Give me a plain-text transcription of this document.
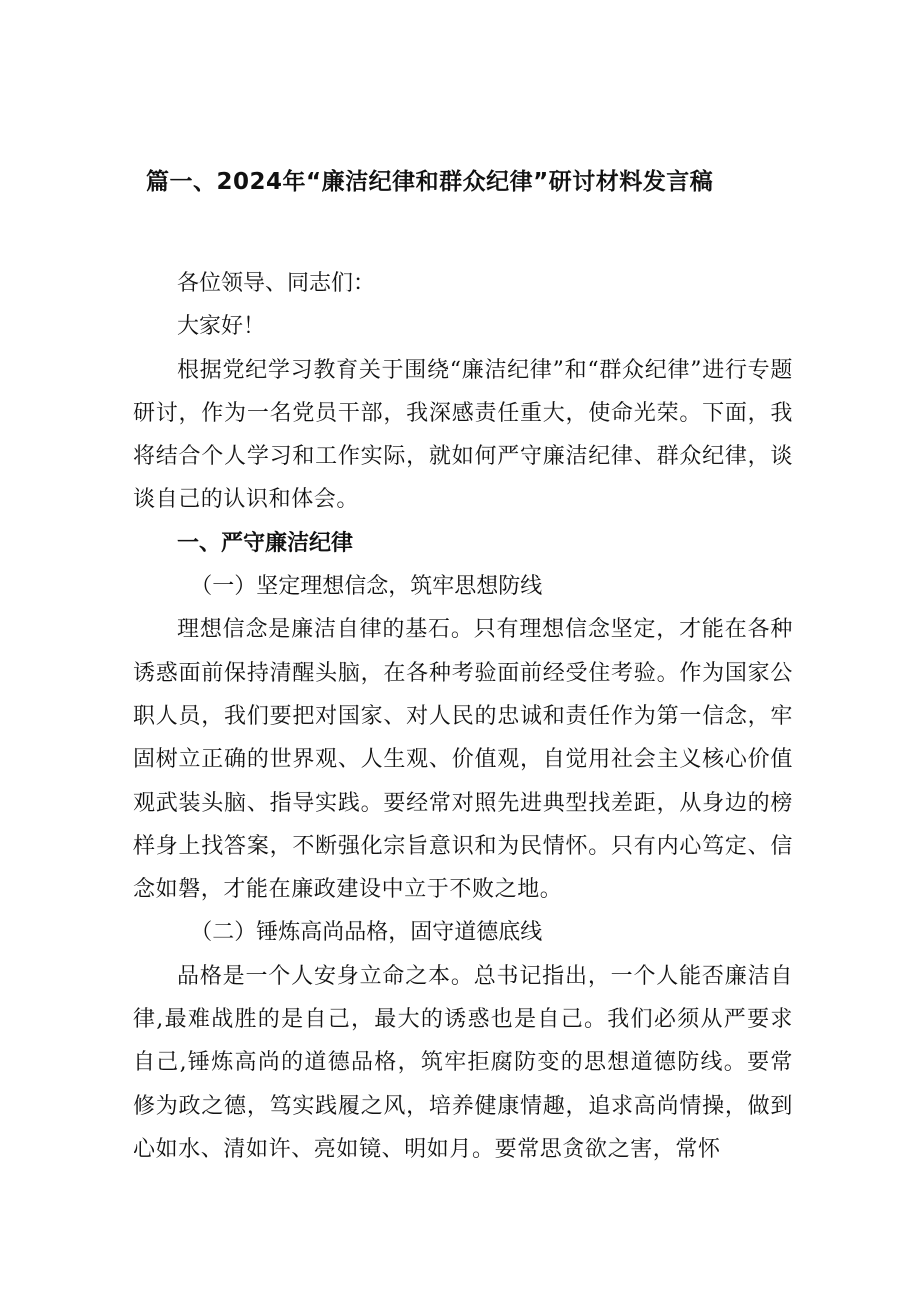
篇一、2024年“廉洁纪律和群众纪律”研讨材料发言稿

各位领导、同志们：

大家好！

根据党纪学习教育关于围绕“廉洁纪律”和“群众纪律”进行专题研讨，作为一名党员干部，我深感责任重大，使命光荣。下面，我将结合个人学习和工作实际，就如何严守廉洁纪律、群众纪律，谈谈自己的认识和体会。

一、严守廉洁纪律

（一）坚定理想信念，筑牢思想防线

理想信念是廉洁自律的基石。只有理想信念坚定，才能在各种诱惑面前保持清醒头脑，在各种考验面前经受住考验。作为国家公职人员，我们要把对国家、对人民的忠诚和责任作为第一信念，牢固树立正确的世界观、人生观、价值观，自觉用社会主义核心价值观武装头脑、指导实践。要经常对照先进典型找差距，从身边的榜样身上找答案，不断强化宗旨意识和为民情怀。只有内心笃定、信念如磐，才能在廉政建设中立于不败之地。

（二）锤炼高尚品格，固守道德底线

品格是一个人安身立命之本。总书记指出，一个人能否廉洁自律,最难战胜的是自己，最大的诱惑也是自己。我们必须从严要求自己,锤炼高尚的道德品格，筑牢拒腐防变的思想道德防线。要常修为政之德，笃实践履之风，培养健康情趣，追求高尚情操，做到心如水、清如许、亮如镜、明如月。要常思贪欲之害，常怀
